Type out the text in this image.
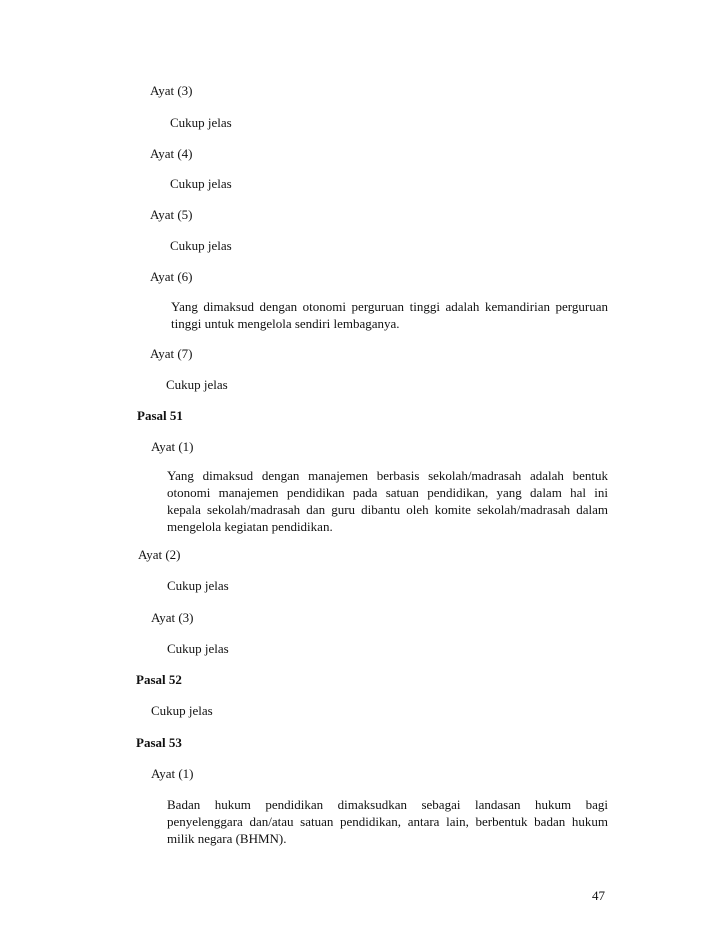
Ayat (3)
Cukup jelas
Ayat (4)
Cukup jelas
Ayat (5)
Cukup jelas
Ayat (6)
Yang dimaksud dengan otonomi perguruan tinggi adalah kemandirian perguruan
tinggi untuk mengelola sendiri lembaganya.
Ayat (7)
Cukup jelas
Pasal 51
Ayat (1)
Yang dimaksud dengan manajemen berbasis sekolah/madrasah adalah bentuk
otonomi manajemen pendidikan pada satuan pendidikan, yang dalam hal ini
kepala sekolah/madrasah dan guru dibantu oleh komite sekolah/madrasah dalam
mengelola kegiatan pendidikan.
Ayat (2)
Cukup jelas
Ayat (3)
Cukup jelas
Pasal 52
Cukup jelas
Pasal 53
Ayat (1)
Badan hukum pendidikan dimaksudkan sebagai landasan hukum bagi
penyelenggara dan/atau satuan pendidikan, antara lain, berbentuk badan hukum
milik negara (BHMN).
47
